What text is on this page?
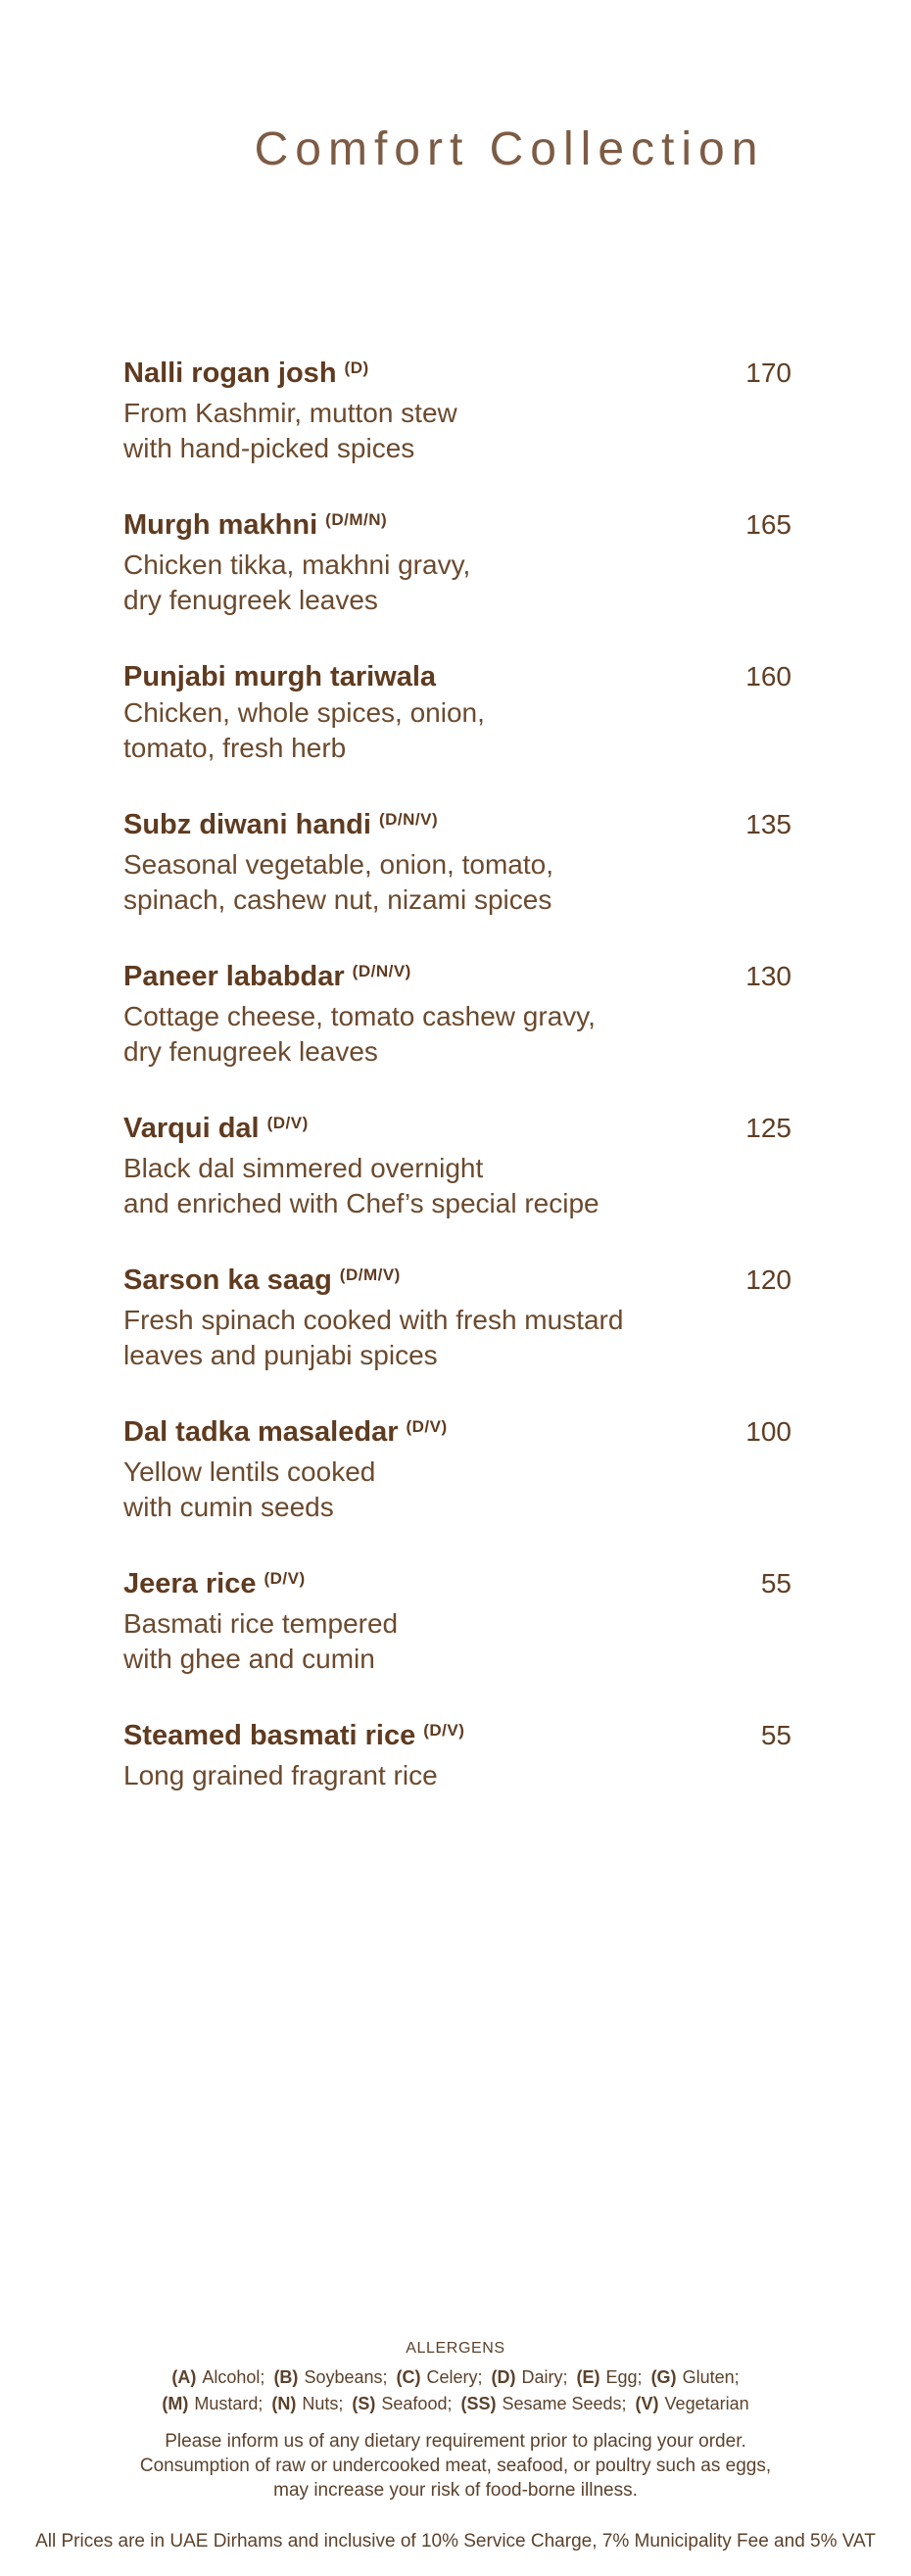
Comfort Collection
Nalli rogan josh (D)	170
From Kashmir, mutton stew
with hand-picked spices
Murgh makhni (D/M/N)	165
Chicken tikka, makhni gravy,
dry fenugreek leaves
Punjabi murgh tariwala	160
Chicken, whole spices, onion,
tomato, fresh herb
Subz diwani handi (D/N/V)	135
Seasonal vegetable, onion, tomato,
spinach, cashew nut, nizami spices
Paneer lababdar (D/N/V)	130
Cottage cheese, tomato cashew gravy,
dry fenugreek leaves
Varqui dal (D/V)	125
Black dal simmered overnight
and enriched with Chef’s special recipe
Sarson ka saag (D/M/V)	120
Fresh spinach cooked with fresh mustard
leaves and punjabi spices
Dal tadka masaledar (D/V)	100
Yellow lentils cooked
with cumin seeds
Jeera rice (D/V)	55
Basmati rice tempered
with ghee and cumin
Steamed basmati rice (D/V)	55
Long grained fragrant rice
ALLERGENS
(A) Alcohol; (B) Soybeans; (C) Celery; (D) Dairy; (E) Egg; (G) Gluten;
(M) Mustard; (N) Nuts; (S) Seafood; (SS) Sesame Seeds; (V) Vegetarian
Please inform us of any dietary requirement prior to placing your order.
Consumption of raw or undercooked meat, seafood, or poultry such as eggs,
may increase your risk of food-borne illness.
All Prices are in UAE Dirhams and inclusive of 10% Service Charge, 7% Municipality Fee and 5% VAT
